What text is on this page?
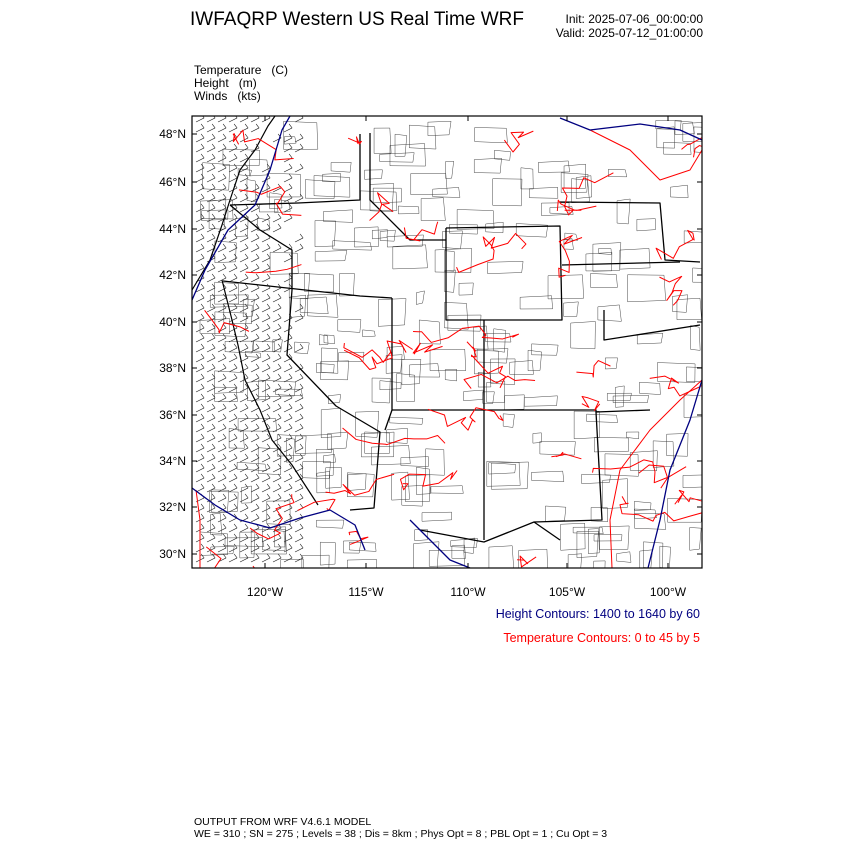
IWFAQRP Western US Real Time WRF	Init: 2025-07-06_00:00:00
Valid: 2025-07-12_01:00:00
Temperature (C)
Height (m)
Winds (kts)
48°N
46°N
44°N
42°N
40°N
38°N
36°N
34°N
32°N
30°N
120°W	115°W	110°W	105°W	100°W
Height Contours: 1400 to 1640 by 60
Temperature Contours: 0 to 45 by 5
OUTPUT FROM WRF V4.6.1 MODEL
WE = 310 ; SN = 275 ; Levels = 38 ; Dis = 8km ; Phys Opt = 8 ; PBL Opt = 1 ; Cu Opt = 3
